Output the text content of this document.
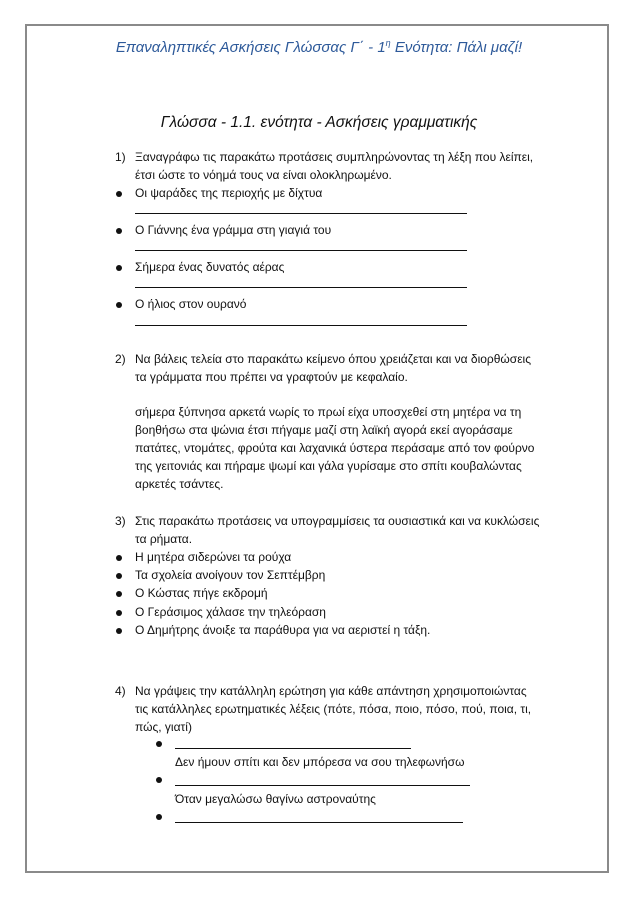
Επαναληπτικές Ασκήσεις Γλώσσας $\Gamma΄ - 1^\eta$ Ενότητα: Πάλι μαζί!
Γλώσσα - 1.1. ενότητα - Ασκήσεις γραμματικής
1) Ξαναγράφω τις παρακάτω προτάσεις συμπληρώνοντας τη λέξη που λείπει,
έτσι ώστε το νόημά τους να είναι ολοκληρωμένο.
Οι ψαράδες της περιοχής με δίχτυα
Ο Γιάννης ένα γράμμα στη γιαγιά του
Σήμερα ένας δυνατός αέρας
Ο ήλιος στον ουρανό
2) Να βάλεις τελεία στο παρακάτω κείμενο όπου χρειάζεται και να διορθώσεις
τα γράμματα που πρέπει να γραφτούν με κεφαλαίο.
σήμερα ξύπνησα αρκετά νωρίς το πρωί είχα υποσχεθεί στη μητέρα να τη
βοηθήσω στα ψώνια έτσι πήγαμε μαζί στη λαϊκή αγορά εκεί αγοράσαμε
πατάτες, ντομάτες, φρούτα και λαχανικά ύστερα περάσαμε από τον φούρνο
της γειτονιάς και πήραμε ψωμί και γάλα γυρίσαμε στο σπίτι κουβαλώντας
αρκετές τσάντες.
3) Στις παρακάτω προτάσεις να υπογραμμίσεις τα ουσιαστικά και να κυκλώσεις
τα ρήματα.
Η μητέρα σιδερώνει τα ρούχα
Τα σχολεία ανοίγουν τον Σεπτέμβρη
Ο Κώστας πήγε εκδρομή
Ο Γεράσιμος χάλασε την τηλεόραση
Ο Δημήτρης άνοιξε τα παράθυρα για να αεριστεί η τάξη.
4) Να γράψεις την κατάλληλη ερώτηση για κάθε απάντηση χρησιμοποιώντας
τις κατάλληλες ερωτηματικές λέξεις (πότε, πόσα, ποιο, πόσο, πού, ποια, τι,
πώς, γιατί)
Δεν ήμουν σπίτι και δεν μπόρεσα να σου τηλεφωνήσω
Όταν μεγαλώσω θαγίνω αστροναύτης
